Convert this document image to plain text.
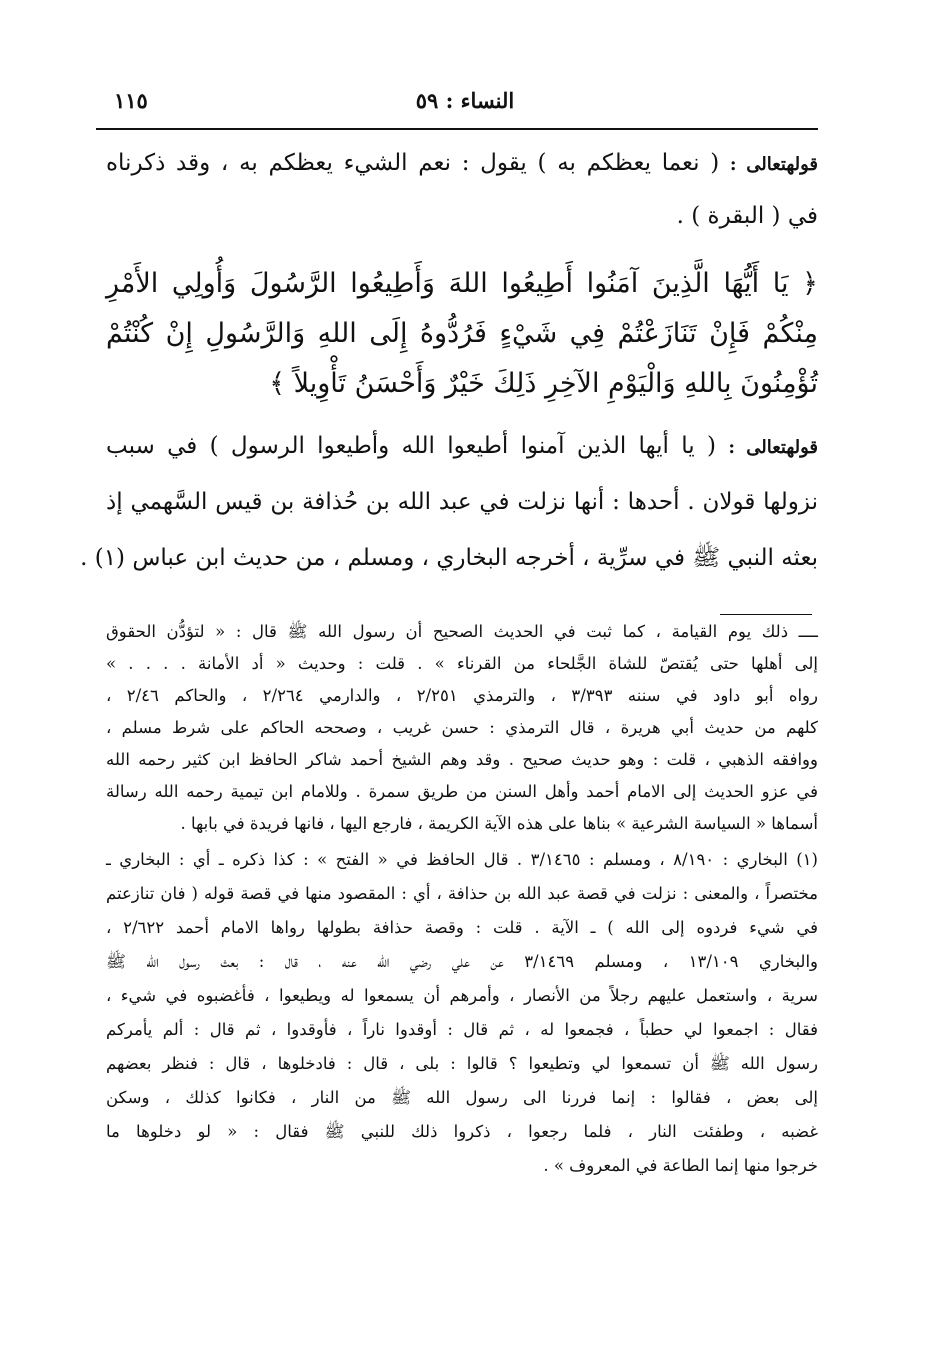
النساء : ٥٩
١١٥
قولهتعالى : ( نعما يعظكم به ) يقول : نعم الشيء يعظكم به ، وقد ذكرناه
في ( البقرة ) .
﴿ يَا أَيُّهَا الَّذِينَ آمَنُوا أَطِيعُوا اللهَ وَأَطِيعُوا الرَّسُولَ وَأُولِي الأَمْرِ
مِنْكُمْ فَإِنْ تَنَازَعْتُمْ فِي شَيْءٍ فَرُدُّوهُ إِلَى اللهِ وَالرَّسُولِ إِنْ كُنْتُمْ
تُؤْمِنُونَ بِاللهِ وَالْيَوْمِ الآخِرِ ذَلِكَ خَيْرٌ وَأَحْسَنُ تَأْوِيلاً ﴾
قولهتعالى : ( يا أيها الذين آمنوا أطيعوا الله وأطيعوا الرسول ) في سبب
نزولها قولان . أحدها : أنها نزلت في عبد الله بن حُذافة بن قيس السَّهمي إذ
بعثه النبي ﷺ في سرِّية ، أخرجه البخاري ، ومسلم ، من حديث ابن عباس (١) .
ــــ ذلك يوم القيامة ، كما ثبت في الحديث الصحيح أن رسول الله ﷺ قال : « لتؤدُّن الحقوق
إلى أهلها حتى يُقتصّ للشاة الجَّلحاء من القرناء » . قلت : وحديث « أد الأمانة . . . . »
رواه أبو داود في سننه ٣/٣٩٣ ، والترمذي ٢/٢٥١ ، والدارمي ٢/٢٦٤ ، والحاكم ٢/٤٦ ،
كلهم من حديث أبي هريرة ، قال الترمذي : حسن غريب ، وصححه الحاكم على شرط مسلم ،
ووافقه الذهبي ، قلت : وهو حديث صحيح . وقد وهم الشيخ أحمد شاكر الحافظ ابن كثير رحمه الله
في عزو الحديث إلى الامام أحمد وأهل السنن من طريق سمرة . وللامام ابن تيمية رحمه الله رسالة
أسماها « السياسة الشرعية » بناها على هذه الآية الكريمة ، فارجع اليها ، فانها فريدة في بابها .
(١) البخاري : ٨/١٩٠ ، ومسلم : ٣/١٤٦٥ . قال الحافظ في « الفتح » : كذا ذكره ـ أي : البخاري ـ
مختصراً ، والمعنى : نزلت في قصة عبد الله بن حذافة ، أي : المقصود منها في قصة قوله ( فان تنازعتم
في شيء فردوه إلى الله ) ـ الآية . قلت : وقصة حذافة بطولها رواها الامام أحمد ٢/٦٢٢ ،
والبخاري ١٣/١٠٩ ، ومسلم ٣/١٤٦٩ عن علي رضي الله عنه ، قال : بعث رسول الله ﷺ
سرية ، واستعمل عليهم رجلاً من الأنصار ، وأمرهم أن يسمعوا له ويطيعوا ، فأغضبوه في شيء ،
فقال : اجمعوا لي حطباً ، فجمعوا له ، ثم قال : أوقدوا ناراً ، فأوقدوا ، ثم قال : ألم يأمركم
رسول الله ﷺ أن تسمعوا لي وتطيعوا ؟ قالوا : بلى ، قال : فادخلوها ، قال : فنظر بعضهم
إلى بعض ، فقالوا : إنما فررنا الى رسول الله ﷺ من النار ، فكانوا كذلك ، وسكن
غضبه ، وطفئت النار ، فلما رجعوا ، ذكروا ذلك للنبي ﷺ فقال : « لو دخلوها ما
خرجوا منها إنما الطاعة في المعروف » .
